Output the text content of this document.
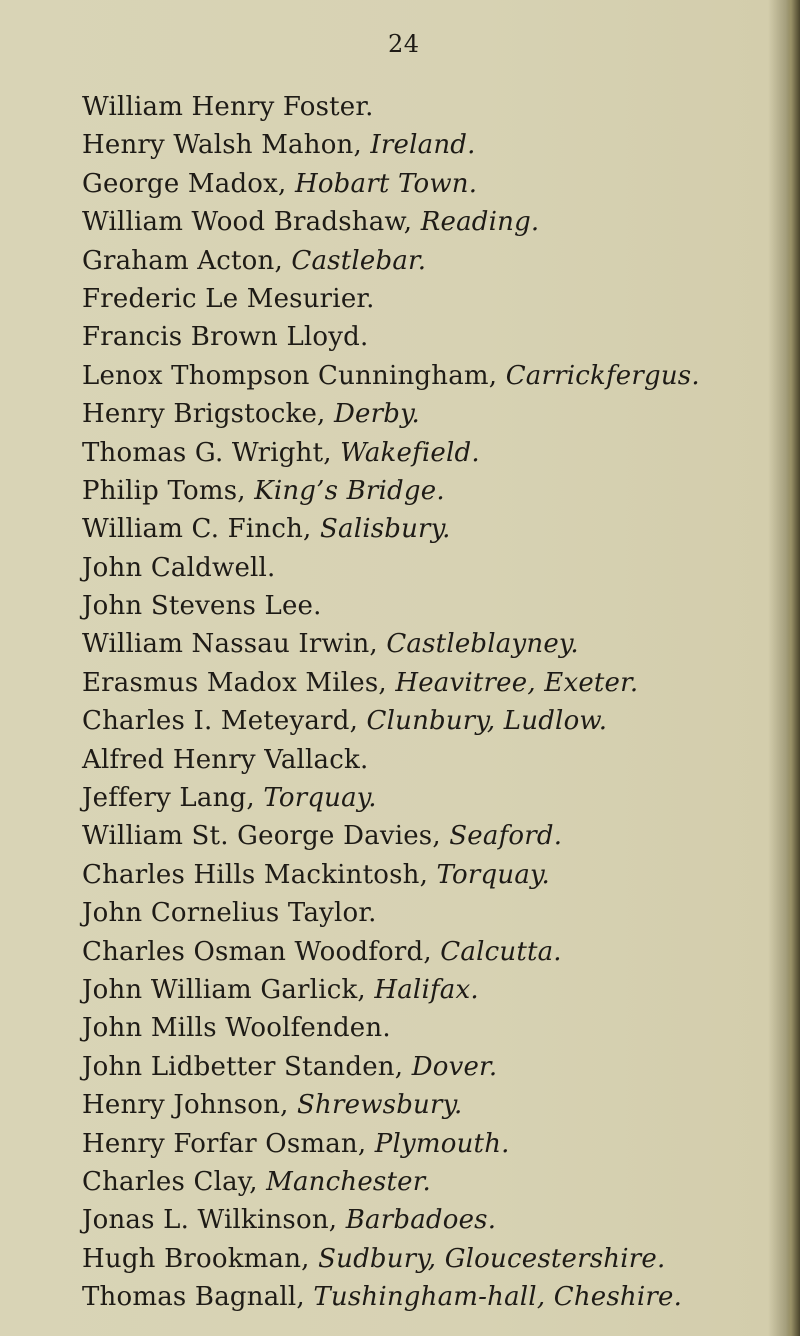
24
William Henry Foster.
Henry Walsh Mahon, Ireland.
George Madox, Hobart Town.
William Wood Bradshaw, Reading.
Graham Acton, Castlebar.
Frederic Le Mesurier.
Francis Brown Lloyd.
Lenox Thompson Cunningham, Carrickfergus.
Henry Brigstocke, Derby.
Thomas G. Wright, Wakefield.
Philip Toms, King’s Bridge.
William C. Finch, Salisbury.
John Caldwell.
John Stevens Lee.
William Nassau Irwin, Castleblayney.
Erasmus Madox Miles, Heavitree, Exeter.
Charles I. Meteyard, Clunbury, Ludlow.
Alfred Henry Vallack.
Jeffery Lang, Torquay.
William St. George Davies, Seaford.
Charles Hills Mackintosh, Torquay.
John Cornelius Taylor.
Charles Osman Woodford, Calcutta.
John William Garlick, Halifax.
John Mills Woolfenden.
John Lidbetter Standen, Dover.
Henry Johnson, Shrewsbury.
Henry Forfar Osman, Plymouth.
Charles Clay, Manchester.
Jonas L. Wilkinson, Barbadoes.
Hugh Brookman, Sudbury, Gloucestershire.
Thomas Bagnall, Tushingham-hall, Cheshire.
